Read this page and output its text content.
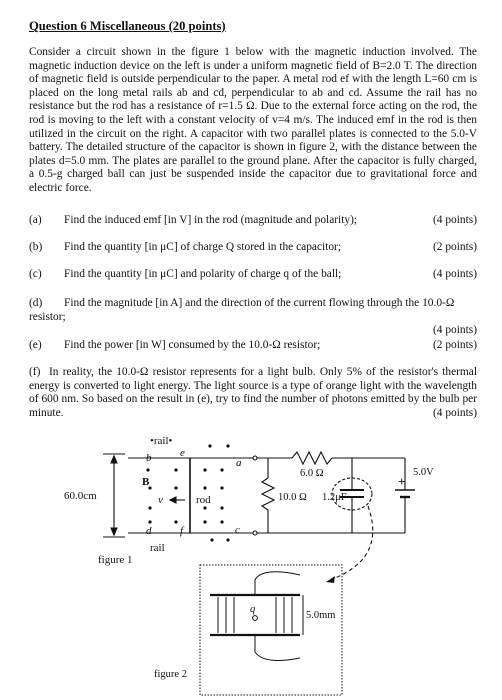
Question 6 Miscellaneous (20 points)
Consider a circuit shown in the figure 1 below with the magnetic induction involved. The magnetic induction device on the left is under a uniform magnetic field of B=2.0 T. The direction of magnetic field is outside perpendicular to the paper. A metal rod ef with the length L=60 cm is placed on the long metal rails ab and cd, perpendicular to ab and cd. Assume the rail has no resistance but the rod has a resistance of r=1.5 Ω. Due to the external force acting on the rod, the rod is moving to the left with a constant velocity of v=4 m/s. The induced emf in the rod is then utilized in the circuit on the right. A capacitor with two parallel plates is connected to the 5.0-V battery. The detailed structure of the capacitor is shown in figure 2, with the distance between the plates d=5.0 mm. The plates are parallel to the ground plane. After the capacitor is fully charged, a 0.5-g charged ball can just be suspended inside the capacitor due to gravitational force and electric force.
(a) Find the induced emf [in V] in the rod (magnitude and polarity);	(4 points)
(b) Find the quantity [in μC] of charge Q stored in the capacitor;	(2 points)
(c) Find the quantity [in μC] and polarity of charge q of the ball;	(4 points)
(d) Find the magnitude [in A] and the direction of the current flowing through the 10.0-Ω resistor;
(4 points)
(e) Find the power [in W] consumed by the 10.0-Ω resistor;	(2 points)
(f) In reality, the 10.0-Ω resistor represents for a light bulb. Only 5% of the resistor's thermal energy is converted to light energy. The light source is a type of orange light with the wavelength of 600 nm. So based on the result in (e), try to find the number of photons emitted by the bulb per minute.	(4 points)
•rail•
b	e
a
B
v	rod
d	f	c
rail
60.0cm
figure 1
6.0 Ω
10.0 Ω 1.2μF
5.0V
+
q
5.0mm
figure 2
